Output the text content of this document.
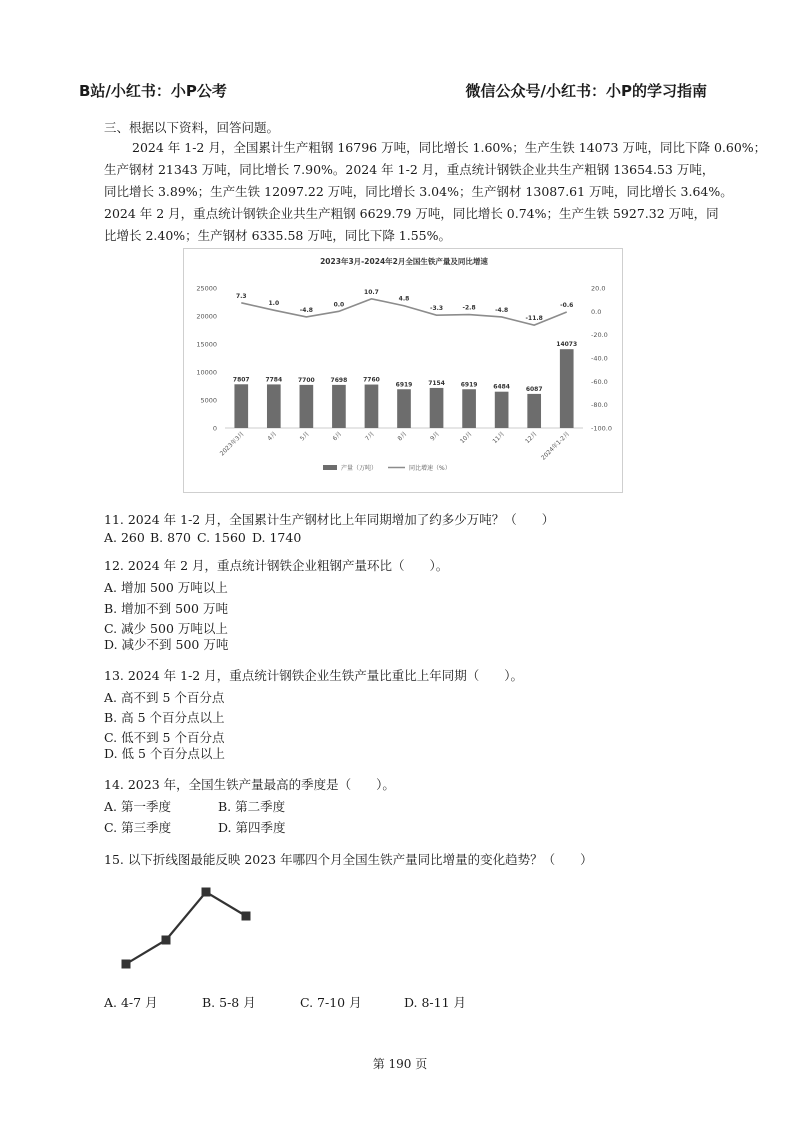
B站/小红书：小P公考	微信公众号/小红书：小P的学习指南
三、根据以下资料，回答问题。
2024 年 1-2 月，全国累计生产粗钢 16796 万吨，同比增长 1.60%；生产生铁 14073 万吨，同比下降 0.60%；
生产钢材 21343 万吨，同比增长 7.90%。2024 年 1-2 月，重点统计钢铁企业共生产粗钢 13654.53 万吨，
同比增长 3.89%；生产生铁 12097.22 万吨，同比增长 3.04%；生产钢材 13087.61 万吨，同比增长 3.64%。
2024 年 2 月，重点统计钢铁企业共生产粗钢 6629.79 万吨，同比增长 0.74%；生产生铁 5927.32 万吨，同
比增长 2.40%；生产钢材 6335.58 万吨，同比下降 1.55%。
2023年3月-2024年2月全国生铁产量及同比增速
0
5000
10000
15000
20000
25000	20.0
0.0
-20.0
-40.0
-60.0
-80.0
-100.0
7807	7784	7700	7698	7760
6919	7154	6919	6484	6087
14073
7.3
1.0
-4.8
0.0
10.7
4.8
-3.3	-2.8	-4.8
-11.8
-0.6
2023年3月	4月	5月	6月	7月	8月	9月	10月	11月	12月 2024年1-2月
产量（万吨）	同比增速（%）
11. 2024 年 1-2 月，全国累计生产钢材比上年同期增加了约多少万吨？（　　）
A. 260 B. 870 C. 1560 D. 1740
12. 2024 年 2 月，重点统计钢铁企业粗钢产量环比（　　）。
A. 增加 500 万吨以上
B. 增加不到 500 万吨
C. 减少 500 万吨以上
D. 减少不到 500 万吨
13. 2024 年 1-2 月，重点统计钢铁企业生铁产量比重比上年同期（　　）。
A. 高不到 5 个百分点
B. 高 5 个百分点以上
C. 低不到 5 个百分点
D. 低 5 个百分点以上
14. 2023 年，全国生铁产量最高的季度是（　　）。
A. 第一季度	B. 第二季度
C. 第三季度	D. 第四季度
15. 以下折线图最能反映 2023 年哪四个月全国生铁产量同比增量的变化趋势？（　　）
A. 4-7 月	B. 5-8 月	C. 7-10 月	D. 8-11 月
第 190 页
